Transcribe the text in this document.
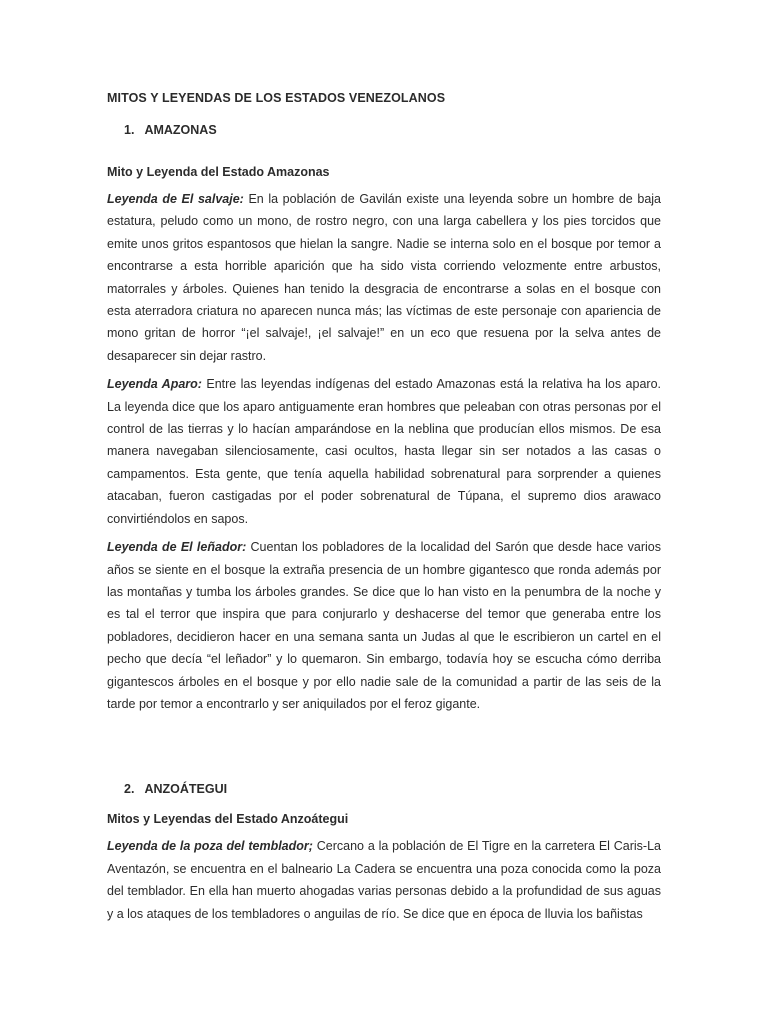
MITOS Y LEYENDAS DE LOS ESTADOS VENEZOLANOS
1. AMAZONAS
Mito y Leyenda del Estado Amazonas

Leyenda de El salvaje: En la población de Gavilán existe una leyenda sobre un hombre de baja estatura, peludo como un mono, de rostro negro, con una larga cabellera y los pies torcidos que emite unos gritos espantosos que hielan la sangre. Nadie se interna solo en el bosque por temor a encontrarse a esta horrible aparición que ha sido vista corriendo velozmente entre arbustos, matorrales y árboles. Quienes han tenido la desgracia de encontrarse a solas en el bosque con esta aterradora criatura no aparecen nunca más; las víctimas de este personaje con apariencia de mono gritan de horror “¡el salvaje!, ¡el salvaje!” en un eco que resuena por la selva antes de desaparecer sin dejar rastro.

Leyenda Aparo: Entre las leyendas indígenas del estado Amazonas está la relativa ha los aparo. La leyenda dice que los aparo antiguamente eran hombres que peleaban con otras personas por el control de las tierras y lo hacían amparándose en la neblina que producían ellos mismos. De esa manera navegaban silenciosamente, casi ocultos, hasta llegar sin ser notados a las casas o campamentos. Esta gente, que tenía aquella habilidad sobrenatural para sorprender a quienes atacaban, fueron castigadas por el poder sobrenatural de Túpana, el supremo dios arawaco convirtiéndolos en sapos.

Leyenda de El leñador: Cuentan los pobladores de la localidad del Sarón que desde hace varios años se siente en el bosque la extraña presencia de un hombre gigantesco que ronda además por las montañas y tumba los árboles grandes. Se dice que lo han visto en la penumbra de la noche y es tal el terror que inspira que para conjurarlo y deshacerse del temor que generaba entre los pobladores, decidieron hacer en una semana santa un Judas al que le escribieron un cartel en el pecho que decía “el leñador” y lo quemaron. Sin embargo, todavía hoy se escucha cómo derriba gigantescos árboles en el bosque y por ello nadie sale de la comunidad a partir de las seis de la tarde por temor a encontrarlo y ser aniquilados por el feroz gigante.

2. ANZOÁTEGUI
Mitos y Leyendas del Estado Anzoátegui

Leyenda de la poza del temblador; Cercano a la población de El Tigre en la carretera El Caris-La Aventazón, se encuentra en el balneario La Cadera se encuentra una poza conocida como la poza del temblador. En ella han muerto ahogadas varias personas debido a la profundidad de sus aguas y a los ataques de los tembladores o anguilas de río. Se dice que en época de lluvia los bañistas
